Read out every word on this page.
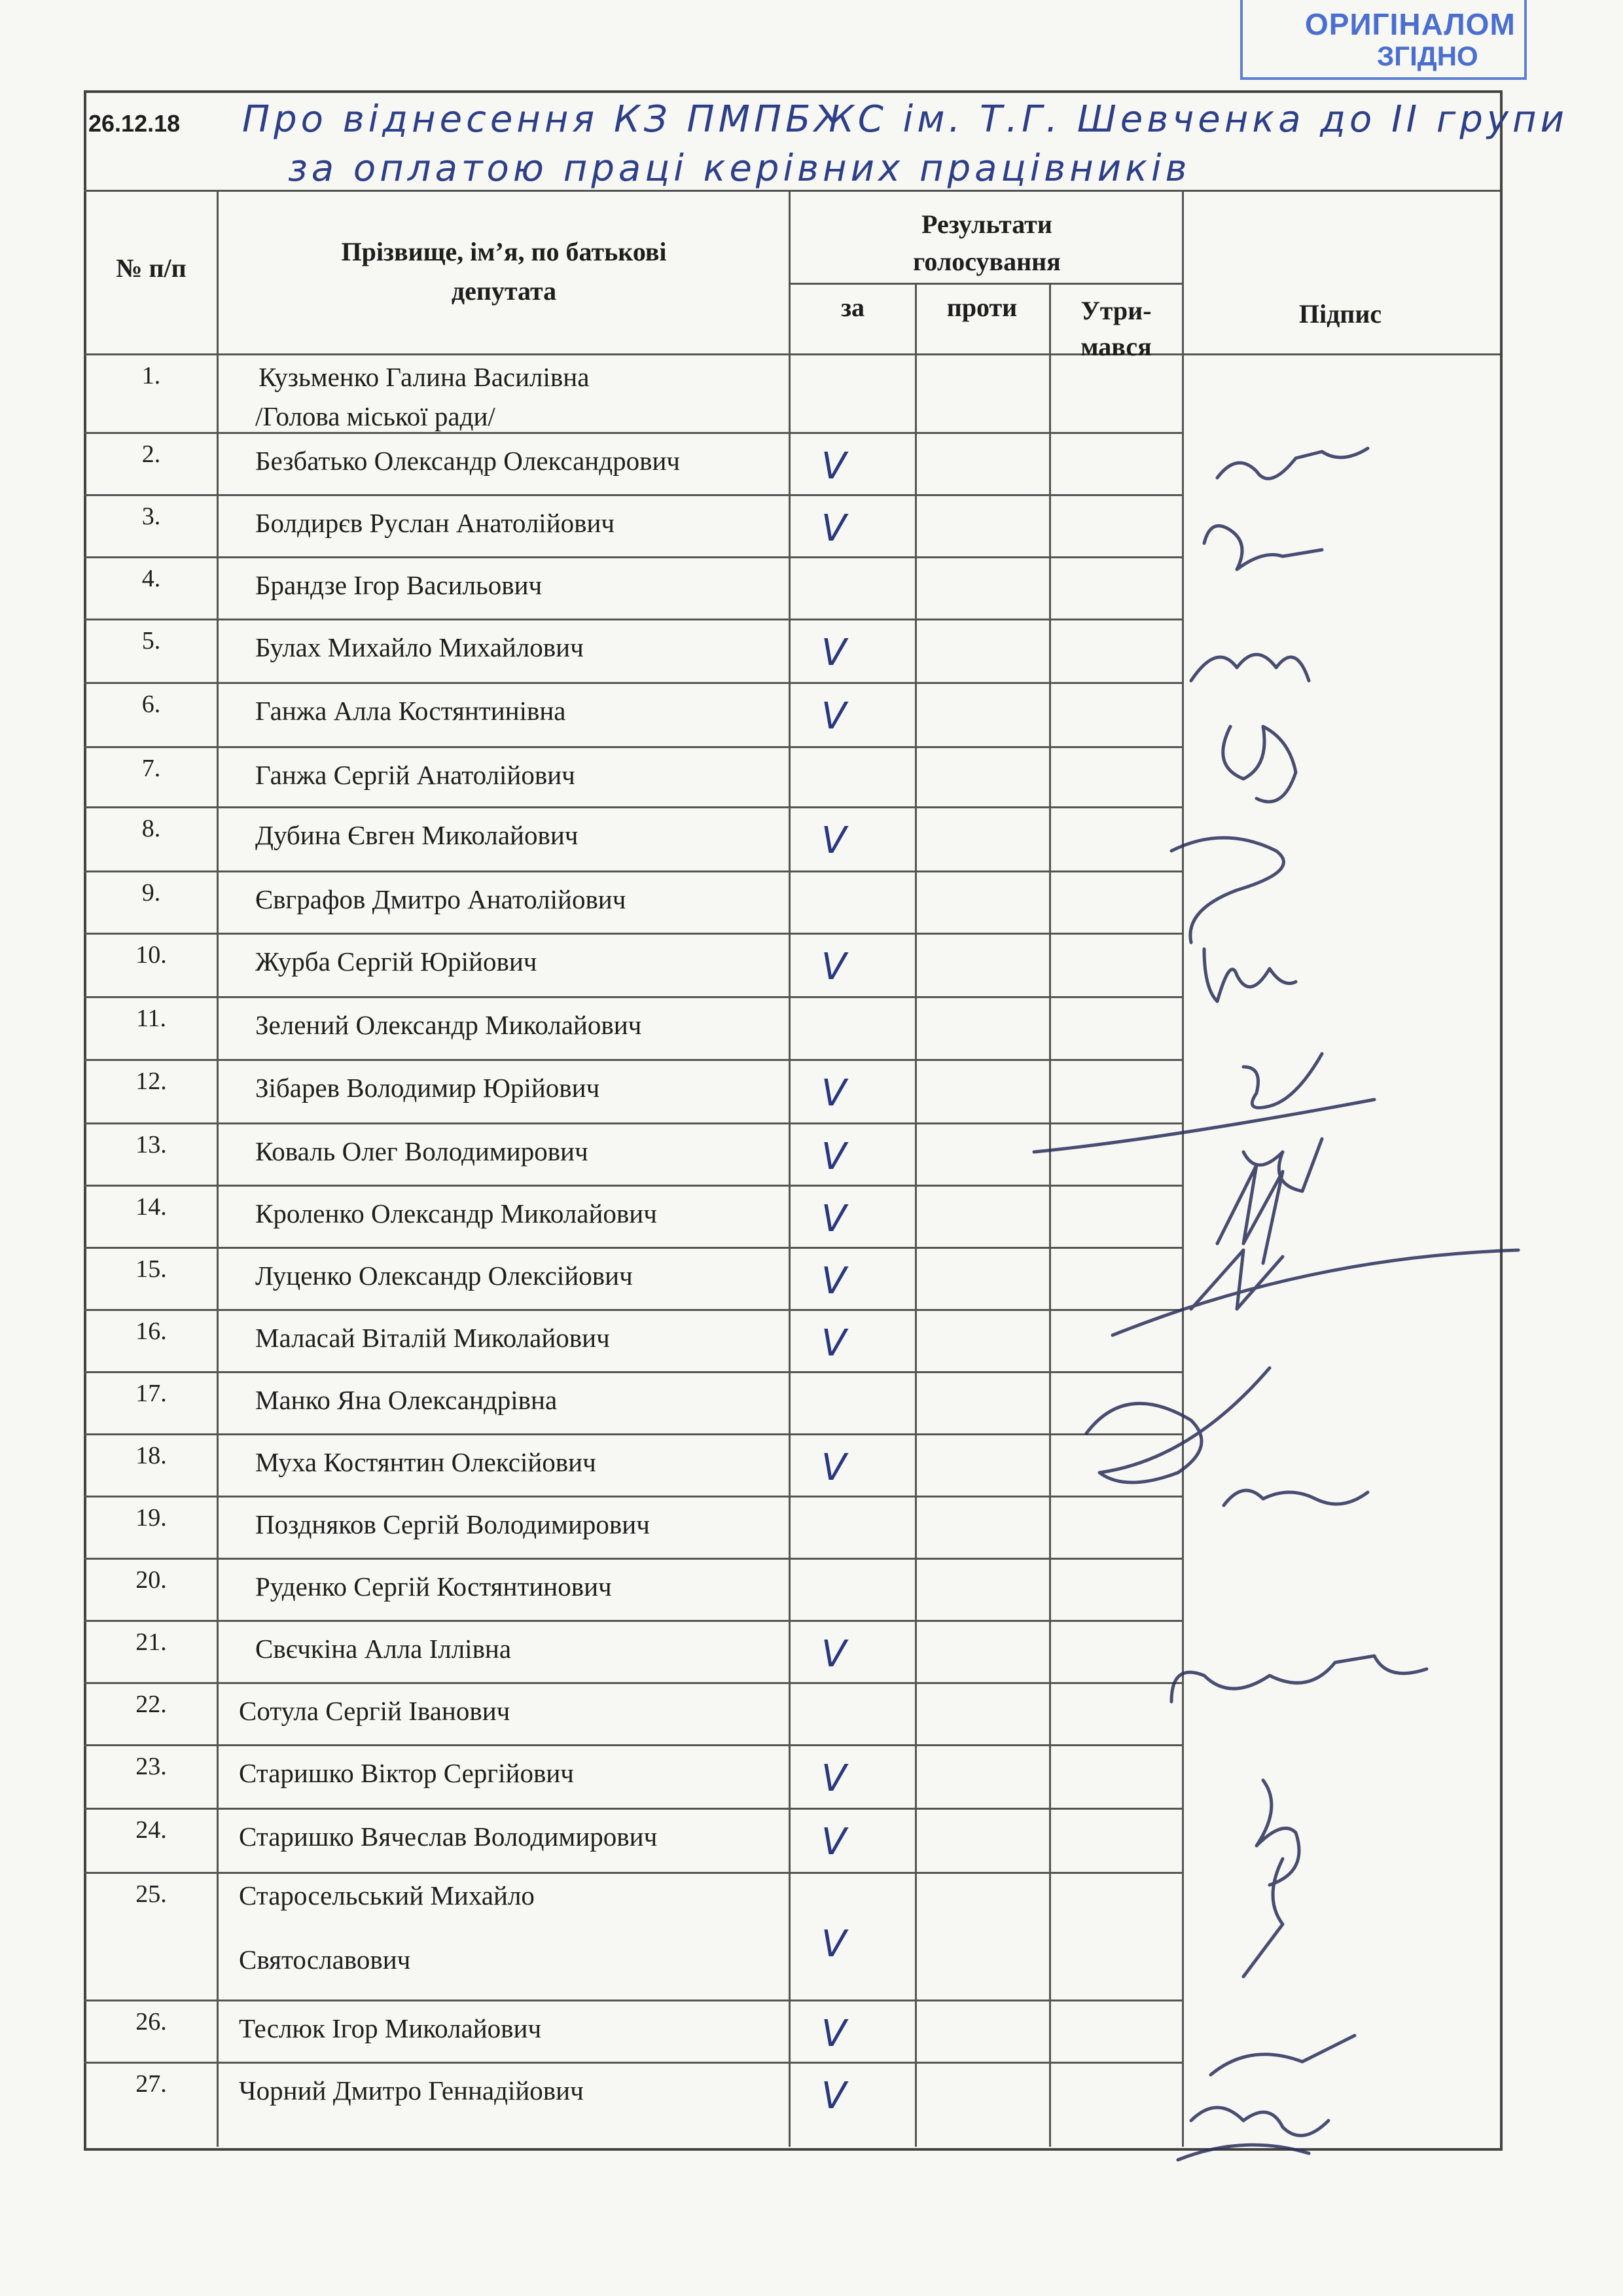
ОРИГІНАЛОМ
ЗГІДНО
26.12.18 Про віднесення КЗ ПМПБЖС ім. Т.Г. Шевченка до II групи
за оплатою праці керівних працівників
№ п/п
Прізвище, ім’я, по батькові
депутата
Результати
голосування
за	проти	Утри-
мався
Підпис
1.	Кузьменко Галина Василівна
/Голова міської ради/
2.	Безбатько Олександр Олександрович	V
3.	Болдирєв Руслан Анатолійович	V
4.	Брандзе Ігор Васильович
5.	Булах Михайло Михайлович	V
6.	Ганжа Алла Костянтинівна	V
7.	Ганжа Сергій Анатолійович
8.	Дубина Євген Миколайович	V
9.	Євграфов Дмитро Анатолійович
10.	Журба Сергій Юрійович	V
11.	Зелений Олександр Миколайович
12.	Зібарев Володимир Юрійович	V
13.	Коваль Олег Володимирович	V
14.	Кроленко Олександр Миколайович	V
15.	Луценко Олександр Олексійович	V
16.	Маласай Віталій Миколайович	V
17.	Манко Яна Олександрівна
18.	Муха Костянтин Олексійович	V
19.	Поздняков Сергій Володимирович
20.	Руденко Сергій Костянтинович
21.	Свєчкіна Алла Іллівна	V
22.	Сотула Сергій Іванович
23.	Старишко Віктор Сергійович	V
24.	Старишко Вячеслав Володимирович	V
25.	Старосельський Михайло
Святославович	V
26.	Теслюк Ігор Миколайович	V
27.	Чорний Дмитро Геннадійович	V
